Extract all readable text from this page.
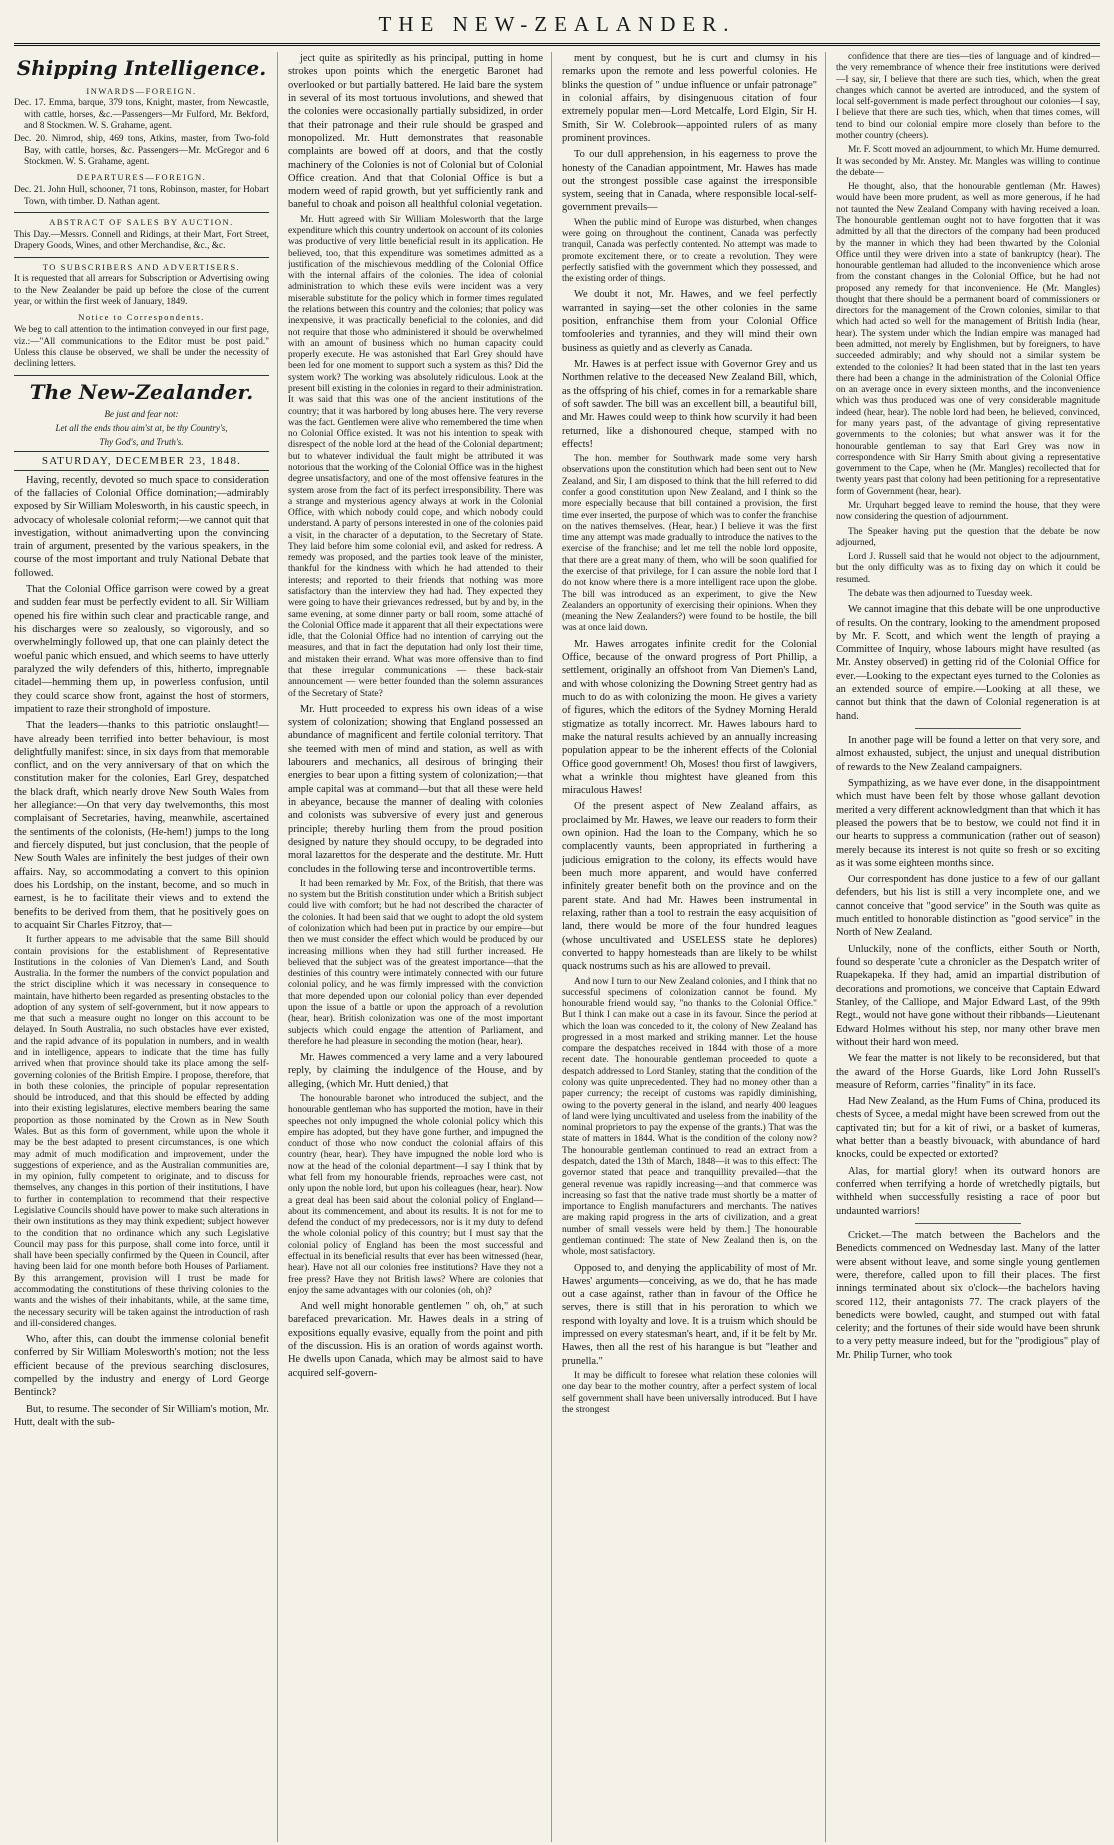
THE NEW-ZEALANDER.
Shipping Intelligence.
INWARDS—FOREIGN.
Dec. 17. Emma, barque, 379 tons, Knight, master, from Newcastle, with cattle, horses, &c.—Passengers—Mr Fulford, Mr. Bekford, and 8 Stockmen. W. S. Grahame, agent.
Dec. 20. Nimrod, ship, 469 tons, Atkins, master, from Two-fold Bay, with cattle, horses, &c. Passengers—Mr. McGregor and 6 Stockmen. W. S. Grahame, agent.
DEPARTURES—FOREIGN.
Dec. 21. John Hull, schooner, 71 tons, Robinson, master, for Hobart Town, with timber. D. Nathan agent.
ABSTRACT OF SALES BY AUCTION.
This Day.—Messrs. Connell and Ridings, at their Mart, Fort Street, Drapery Goods, Wines, and other Merchandise, &c., &c.
TO SUBSCRIBERS AND ADVERTISERS.
It is requested that all arrears for Subscription or Advertising owing to the New Zealander be paid up before the close of the current year, or within the first week of January, 1849.
Notice to Correspondents.
We beg to call attention to the intimation conveyed in our first page, viz.:—"All communications to the Editor must be post paid." Unless this clause be observed, we shall be under the necessity of declining letters.
The New-Zealander.
Be just and fear not:
Let all the ends thou aim'st at, be thy Country's,
Thy God's, and Truth's.
SATURDAY, DECEMBER 23, 1848.

Having, recently, devoted so much space to consideration of the fallacies of Colonial Office domination;—admirably exposed by Sir William Molesworth, in his caustic speech, in advocacy of wholesale colonial reform;—we cannot quit that investigation, without animadverting upon the convincing train of argument, presented by the various speakers, in the course of the most important and truly National Debate that followed.

That the Colonial Office garrison were cowed by a great and sudden fear must be perfectly evident to all. Sir William opened his fire within such clear and practicable range, and his discharges were so zealously, so vigorously, and so overwhelmingly followed up, that one can plainly detect the woeful panic which ensued, and which seems to have utterly paralyzed the wily defenders of this, hitherto, impregnable citadel—hemming them up, in powerless confusion, until they could scarce show front, against the host of stormers, impatient to raze their stronghold of imposture.

That the leaders—thanks to this patriotic onslaught!—have already been terrified into better behaviour, is most delightfully manifest: since, in six days from that memorable conflict, and on the very anniversary of that on which the constitution maker for the colonies, Earl Grey, despatched the black draft, which nearly drove New South Wales from her allegiance:—On that very day twelvemonths, this most complaisant of Secretaries, having, meanwhile, ascertained the sentiments of the colonists, (He-hem!) jumps to the long and fiercely disputed, but just conclusion, that the people of New South Wales are infinitely the best judges of their own affairs. Nay, so accommodating a convert to this opinion does his Lordship, on the instant, become, and so much in earnest, is he to facilitate their views and to extend the benefits to be derived from them, that he positively goes on to acquaint Sir Charles Fitzroy, that—

It further appears to me advisable that the same Bill should contain provisions for the establishment of Representative Institutions in the colonies of Van Diemen's Land, and South Australia. In the former the numbers of the convict population and the strict discipline which it was necessary in consequence to maintain, have hitherto been regarded as presenting obstacles to the adoption of any system of self-government, but it now appears to me that such a measure ought no longer on this account to be delayed. In South Australia, no such obstacles have ever existed, and the rapid advance of its population in numbers, and in wealth and in intelligence, appears to indicate that the time has fully arrived when that province should take its place among the self-governing colonies of the British Empire. I propose, therefore, that in both these colonies, the principle of popular representation should be introduced, and that this should be effected by adding into their existing legislatures, elective members bearing the same proportion as those nominated by the Crown as in New South Wales. But as this form of government, while upon the whole it may be the best adapted to present circumstances, is one which may admit of much modification and improvement, under the suggestions of experience, and as the Australian communities are, in my opinion, fully competent to originate, and to discuss for themselves, any changes in this portion of their institutions, I have to further in contemplation to recommend that their respective Legislative Councils should have power to make such alterations in their own institutions as they may think expedient; subject however to the condition that no ordinance which any such Legislative Council may pass for this purpose, shall come into force, until it shall have been specially confirmed by the Queen in Council, after having been laid for one month before both Houses of Parliament. By this arrangement, provision will I trust be made for accommodating the constitutions of these thriving colonies to the wants and the wishes of their inhabitants, while, at the same time, the necessary security will be taken against the introduction of rash and ill-considered changes.

Who, after this, can doubt the immense colonial benefit conferred by Sir William Molesworth's motion; not the less efficient because of the previous searching disclosures, compelled by the industry and energy of Lord George Bentinck?

But, to resume. The seconder of Sir William's motion, Mr. Hutt, dealt with the sub-

ject quite as spiritedly as his principal, putting in home strokes upon points which the energetic Baronet had overlooked or but partially battered. He laid bare the system in several of its most tortuous involutions, and shewed that the colonies were occasionally partially subsidized, in order that their patronage and their rule should be grasped and monopolized. Mr. Hutt demonstrates that reasonable complaints are bowed off at doors, and that the costly machinery of the Colonies is not of Colonial but of Colonial Office creation. And that that Colonial Office is but a modern weed of rapid growth, but yet sufficiently rank and baneful to choak and poison all healthful colonial vegetation.

Mr. Hutt agreed with Sir William Molesworth that the large expenditure which this country undertook on account of its colonies was productive of very little beneficial result in its application. He believed, too, that this expenditure was sometimes admitted as a justification of the mischievous meddling of the Colonial Office with the internal affairs of the colonies. The idea of colonial administration to which these evils were incident was a very miserable substitute for the policy which in former times regulated the relations between this country and the colonies; that policy was inexpensive, it was practically beneficial to the colonies, and did not require that those who administered it should be overwhelmed with an amount of business which no human capacity could properly execute. He was astonished that Earl Grey should have been led for one moment to support such a system as this? Did the system work? The working was absolutely ridiculous. Look at the present bill existing in the colonies in regard to their administration. It was said that this was one of the ancient institutions of the country; that it was harbored by long abuses here. The very reverse was the fact. Gentlemen were alive who remembered the time when no Colonial Office existed. It was not his intention to speak with disrespect of the noble lord at the head of the Colonial department; but to whatever individual the fault might be attributed it was notorious that the working of the Colonial Office was in the highest degree unsatisfactory, and one of the most offensive features in the system arose from the fact of its perfect irresponsibility. There was a strange and mysterious agency always at work in the Colonial Office, with which nobody could cope, and which nobody could understand. A party of persons interested in one of the colonies paid a visit, in the character of a deputation, to the Secretary of State. They laid before him some colonial evil, and asked for redress. A remedy was proposed, and the parties took leave of the minister, thankful for the kindness with which he had attended to their interests; and reported to their friends that nothing was more satisfactory than the interview they had had. They expected they were going to have their grievances redressed, but by and by, in the same evening, at some dinner party or ball room, some attaché of the Colonial Office made it apparent that all their expectations were idle, that the Colonial Office had no intention of carrying out the measures, and that in fact the deputation had only lost their time, and mistaken their errand. What was more offensive than to find that these irregular communications — these back-stair announcement — were better founded than the solemn assurances of the Secretary of State?

Mr. Hutt proceeded to express his own ideas of a wise system of colonization; showing that England possessed an abundance of magnificent and fertile colonial territory. That she teemed with men of mind and station, as well as with labourers and mechanics, all desirous of bringing their energies to bear upon a fitting system of colonization;—that ample capital was at command—but that all these were held in abeyance, because the manner of dealing with colonies and colonists was subversive of every just and generous principle; thereby hurling them from the proud position designed by nature they should occupy, to be degraded into moral lazarettos for the desperate and the destitute. Mr. Hutt concludes in the following terse and incontrovertible terms.

It had been remarked by Mr. Fox, of the British, that there was no system but the British constitution under which a British subject could live with comfort; but he had not described the character of the colonies. It had been said that we ought to adopt the old system of colonization which had been put in practice by our empire—but then we must consider the effect which would be produced by our increasing millions when they had still further increased. He believed that the subject was of the greatest importance—that the destinies of this country were intimately connected with our future colonial policy, and he was firmly impressed with the conviction that more depended upon our colonial policy than ever depended upon the issue of a battle or upon the approach of a revolution (hear, hear). British colonization was one of the most important subjects which could engage the attention of Parliament, and therefore he had pleasure in seconding the motion (hear, hear).

Mr. Hawes commenced a very lame and a very laboured reply, by claiming the indulgence of the House, and by alleging, (which Mr. Hutt denied,) that

The honourable baronet who introduced the subject, and the honourable gentleman who has supported the motion, have in their speeches not only impugned the whole colonial policy which this empire has adopted, but they have gone further, and impugned the conduct of those who now conduct the colonial affairs of this country (hear, hear). They have impugned the noble lord who is now at the head of the colonial department—I say I think that by what fell from my honourable friends, reproaches were cast, not only upon the noble lord, but upon his colleagues (hear, hear). Now a great deal has been said about the colonial policy of England—about its commencement, and about its results. It is not for me to defend the conduct of my predecessors, nor is it my duty to defend the whole colonial policy of this country; but I must say that the colonial policy of England has been the most successful and effectual in its beneficial results that ever has been witnessed (hear, hear). Have not all our colonies free institutions? Have they not a free press? Have they not British laws? Where are colonies that enjoy the same advantages with our colonies (oh, oh)?

And well might honorable gentlemen " oh, oh," at such barefaced prevarication. Mr. Hawes deals in a string of expositions equally evasive, equally from the point and pith of the discussion. His is an oration of words against worth. He dwells upon Canada, which may be almost said to have acquired self-govern-

ment by conquest, but he is curt and clumsy in his remarks upon the remote and less powerful colonies. He blinks the question of " undue influence or unfair patronage" in colonial affairs, by disingenuous citation of four extremely popular men—Lord Metcalfe, Lord Elgin, Sir H. Smith, Sir W. Colebrook—appointed rulers of as many prominent provinces.

To our dull apprehension, in his eagerness to prove the honesty of the Canadian appointment, Mr. Hawes has made out the strongest possible case against the irresponsible system, seeing that in Canada, where responsible local-self-government prevails—

When the public mind of Europe was disturbed, when changes were going on throughout the continent, Canada was perfectly tranquil, Canada was perfectly contented. No attempt was made to promote excitement there, or to create a revolution. They were perfectly satisfied with the government which they possessed, and the existing order of things.

We doubt it not, Mr. Hawes, and we feel perfectly warranted in saying—set the other colonies in the same position, enfranchise them from your Colonial Office tomfooleries and tyrannies, and they will mind their own business as quietly and as cleverly as Canada.

Mr. Hawes is at perfect issue with Governor Grey and us Northmen relative to the deceased New Zealand Bill, which, as the offspring of his chief, comes in for a remarkable share of soft sawder. The bill was an excellent bill, a beautiful bill, and Mr. Hawes could weep to think how scurvily it had been returned, like a dishonoured cheque, stamped with no effects!

The hon. member for Southwark made some very harsh observations upon the constitution which had been sent out to New Zealand, and Sir, I am disposed to think that the hill referred to did confer a good constitution upon New Zealand, and I think so the more especially because that bill contained a provision, the first time ever inserted, the purpose of which was to confer the franchise on the natives themselves. (Hear, hear.) I believe it was the first time any attempt was made gradually to introduce the natives to the exercise of the franchise; and let me tell the noble lord opposite, that there are a great many of them, who will be soon qualified for the exercise of that privilege, for I can assure the noble lord that I do not know where there is a more intelligent race upon the globe. The bill was introduced as an experiment, to give the New Zealanders an opportunity of exercising their opinions. When they (meaning the New Zealanders?) were found to be hostile, the bill was at once laid down.

Mr. Hawes arrogates infinite credit for the Colonial Office, because of the onward progress of Port Phillip, a settlement, originally an offshoot from Van Diemen's Land, and with whose colonizing the Downing Street gentry had as much to do as with colonizing the moon. He gives a variety of figures, which the editors of the Sydney Morning Herald stigmatize as totally incorrect. Mr. Hawes labours hard to make the natural results achieved by an annually increasing population appear to be the inherent effects of the Colonial Office good government! Oh, Moses! thou first of lawgivers, what a wrinkle thou mightest have gleaned from this miraculous Hawes!

Of the present aspect of New Zealand affairs, as proclaimed by Mr. Hawes, we leave our readers to form their own opinion. Had the loan to the Company, which he so complacently vaunts, been appropriated in furthering a judicious emigration to the colony, its effects would have been much more apparent, and would have conferred infinitely greater benefit both on the province and on the parent state. And had Mr. Hawes been instrumental in relaxing, rather than a tool to restrain the easy acquisition of land, there would be more of the four hundred leagues (whose uncultivated and USELESS state he deplores) converted to happy homesteads than are likely to be whilst quack nostrums such as his are allowed to prevail.

And now I turn to our New Zealand colonies, and I think that no successful specimens of colonization cannot be found. My honourable friend would say, "no thanks to the Colonial Office." But I think I can make out a case in its favour. Since the period at which the loan was conceded to it, the colony of New Zealand has progressed in a most marked and striking manner. Let the house compare the despatches received in 1844 with those of a more recent date. The honourable gentleman proceeded to quote a despatch addressed to Lord Stanley, stating that the condition of the colony was quite unprecedented. They had no money other than a paper currency; the receipt of customs was rapidly diminishing, owing to the poverty general in the island, and nearly 400 leagues of land were lying uncultivated and useless from the inability of the nominal proprietors to pay the expense of the grants.) That was the state of matters in 1844. What is the condition of the colony now? The honourable gentleman continued to read an extract from a despatch, dated the 13th of March, 1848—it was to this effect: The governor stated that peace and tranquillity prevailed—that the general revenue was rapidly increasing—and that commerce was increasing so fast that the native trade must shortly be a matter of importance to English manufacturers and merchants. The natives are making rapid progress in the arts of civilization, and a great number of small vessels were held by them.] The honourable gentleman continued: The state of New Zealand then is, on the whole, most satisfactory.

Opposed to, and denying the applicability of most of Mr. Hawes' arguments—conceiving, as we do, that he has made out a case against, rather than in favour of the Office he serves, there is still that in his peroration to which we respond with loyalty and love. It is a truism which should be impressed on every statesman's heart, and, if it be felt by Mr. Hawes, then all the rest of his harangue is but "leather and prunella."

It may be difficult to foresee what relation these colonies will one day bear to the mother country, after a perfect system of local self government shall have been universally introduced. But I have the strongest

confidence that there are ties—ties of language and of kindred—the very remembrance of whence their free institutions were derived—I say, sir, I believe that there are such ties, which, when the great changes which cannot be averted are introduced, and the system of local self-government is made perfect throughout our colonies—I say, I believe that there are such ties, which, when that times comes, will tend to bind our colonial empire more closely than before to the mother country (cheers).

Mr. F. Scott moved an adjournment, to which Mr. Hume demurred. It was seconded by Mr. Anstey. Mr. Mangles was willing to continue the debate—

He thought, also, that the honourable gentleman (Mr. Hawes) would have been more prudent, as well as more generous, if he had not taunted the New Zealand Company with having received a loan. The honourable gentleman ought not to have forgotten that it was admitted by all that the directors of the company had been produced by the manner in which they had been thwarted by the Colonial Office until they were driven into a state of bankruptcy (hear). The honourable gentleman had alluded to the inconvenience which arose from the constant changes in the Colonial Office, but he had not proposed any remedy for that inconvenience. He (Mr. Mangles) thought that there should be a permanent board of commissioners or directors for the management of the Crown colonies, similar to that which had acted so well for the management of British India (hear, hear). The system under which the Indian empire was managed had been admitted, not merely by Englishmen, but by foreigners, to have succeeded admirably; and why should not a similar system be extended to the colonies? It had been stated that in the last ten years there had been a change in the administration of the Colonial Office on an average once in every sixteen months, and the inconvenience which was thus produced was one of very considerable magnitude indeed (hear, hear). The noble lord had been, he believed, convinced, for many years past, of the advantage of giving representative governments to the colonies; but what answer was it for the honourable gentleman to say that Earl Grey was now in correspondence with Sir Harry Smith about giving a representative government to the Cape, when he (Mr. Mangles) recollected that for twenty years past that colony had been petitioning for a representative form of Government (hear, hear).

Mr. Urquhart begged leave to remind the house, that they were now considering the question of adjournment.

The Speaker having put the question that the debate be now adjourned,

Lord J. Russell said that he would not object to the adjournment, but the only difficulty was as to fixing day on which it could be resumed.

The debate was then adjourned to Tuesday week.

We cannot imagine that this debate will be one unproductive of results. On the contrary, looking to the amendment proposed by Mr. F. Scott, and which went the length of praying a Committee of Inquiry, whose labours might have resulted (as Mr. Anstey observed) in getting rid of the Colonial Office for ever.—Looking to the expectant eyes turned to the Colonies as an extended source of empire.—Looking at all these, we cannot but think that the dawn of Colonial regeneration is at hand.

In another page will be found a letter on that very sore, and almost exhausted, subject, the unjust and unequal distribution of rewards to the New Zealand campaigners.

Sympathizing, as we have ever done, in the disappointment which must have been felt by those whose gallant devotion merited a very different acknowledgment than that which it has pleased the powers that be to bestow, we could not find it in our hearts to suppress a communication (rather out of season) merely because its interest is not quite so fresh or so exciting as it was some eighteen months since.

Our correspondent has done justice to a few of our gallant defenders, but his list is still a very incomplete one, and we cannot conceive that "good service" in the South was quite as much entitled to honorable distinction as "good service" in the North of New Zealand.

Unluckily, none of the conflicts, either South or North, found so desperate 'cute a chronicler as the Despatch writer of Ruapekapeka. If they had, amid an impartial distribution of decorations and promotions, we conceive that Captain Edward Stanley, of the Calliope, and Major Edward Last, of the 99th Regt., would not have gone without their ribbands—Lieutenant Edward Holmes without his step, nor many other brave men without their hard won meed.

We fear the matter is not likely to be reconsidered, but that the award of the Horse Guards, like Lord John Russell's measure of Reform, carries "finality" in its face.

Had New Zealand, as the Hum Fums of China, produced its chests of Sycee, a medal might have been screwed from out the captivated tin; but for a kit of riwi, or a basket of kumeras, what better than a beastly bivouack, with abundance of hard knocks, could be expected or extorted?

Alas, for martial glory! when its outward honors are conferred when terrifying a horde of wretchedly pigtails, but withheld when successfully resisting a race of poor but undaunted warriors!

Cricket.—The match between the Bachelors and the Benedicts commenced on Wednesday last. Many of the latter were absent without leave, and some single young gentlemen were, therefore, called upon to fill their places. The first innings terminated about six o'clock—the bachelors having scored 112, their antagonists 77. The crack players of the benedicts were bowled, caught, and stumped out with fatal celerity; and the fortunes of their side would have been shrunk to a very petty measure indeed, but for the "prodigious" play of Mr. Philip Turner, who took
